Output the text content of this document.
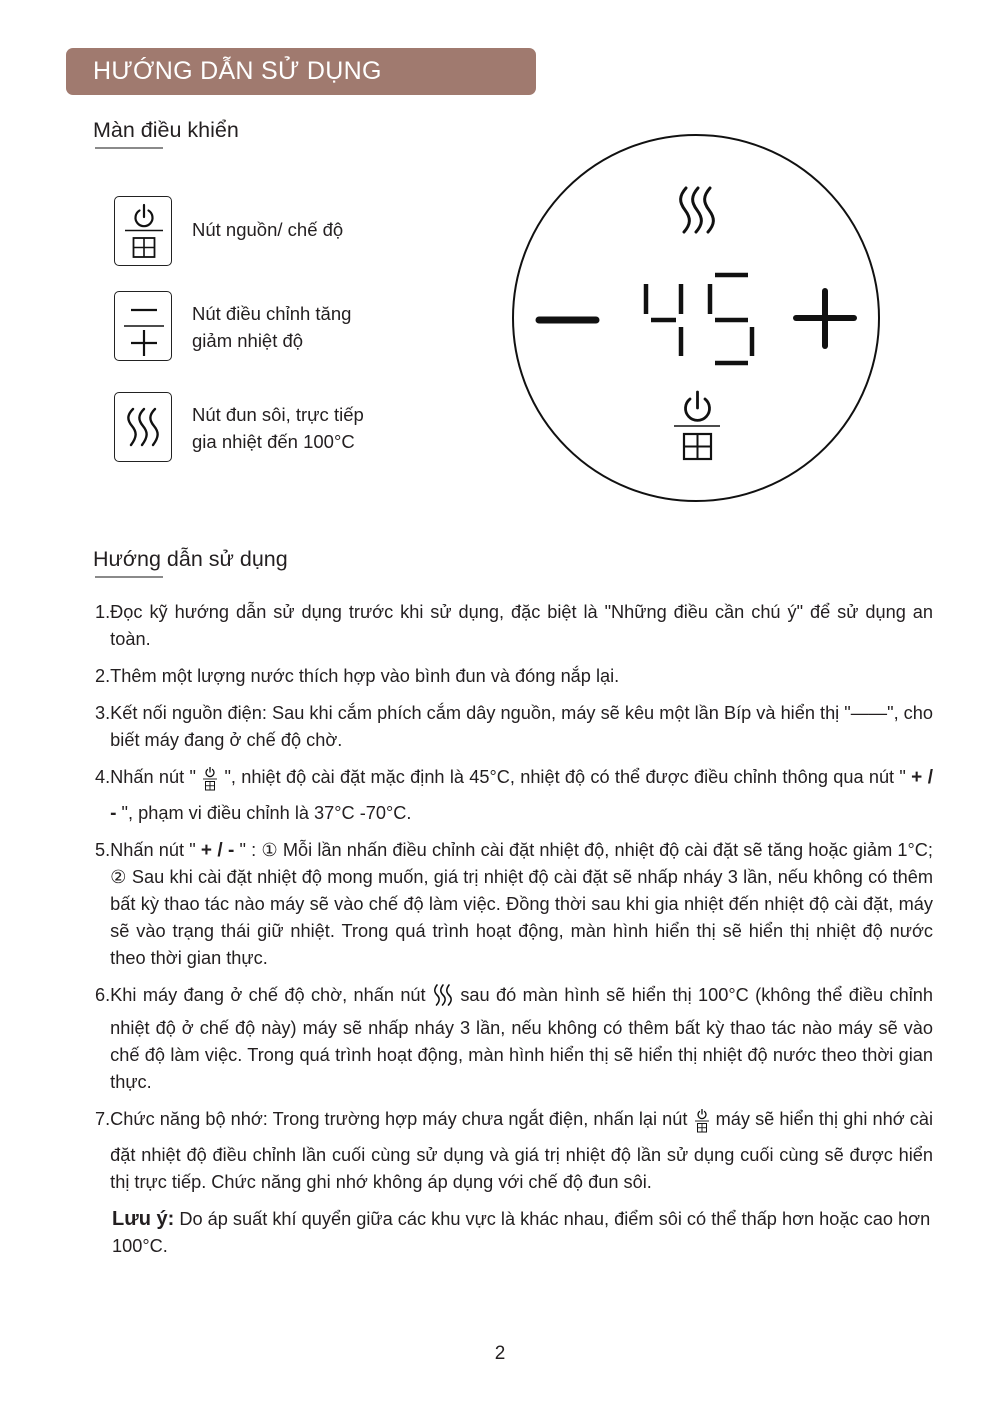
HƯỚNG DẪN SỬ DỤNG
Màn điều khiển
Nút nguồn/ chế độ
Nút điều chỉnh tăng
giảm nhiệt độ
Nút đun sôi, trực tiếp
gia nhiệt đến 100°C
Hướng dẫn sử dụng
1. Đọc kỹ hướng dẫn sử dụng trước khi sử dụng, đặc biệt là "Những điều cần chú ý" để sử dụng an toàn.
2. Thêm một lượng nước thích hợp vào bình đun và đóng nắp lại.
3. Kết nối nguồn điện: Sau khi cắm phích cắm dây nguồn, máy sẽ kêu một lần Bíp và hiển thị "——", cho biết máy đang ở chế độ chờ.
4. Nhấn nút "  ", nhiệt độ cài đặt mặc định là 45°C, nhiệt độ có thể được điều chỉnh thông qua nút " + / - ", phạm vi điều chỉnh là 37°C -70°C.
5. Nhấn nút " + / - " : ① Mỗi lần nhấn điều chỉnh cài đặt nhiệt độ, nhiệt độ cài đặt sẽ tăng hoặc giảm 1°C; ② Sau khi cài đặt nhiệt độ mong muốn, giá trị nhiệt độ cài đặt sẽ nhấp nháy 3 lần, nếu không có thêm bất kỳ thao tác nào máy sẽ vào chế độ làm việc. Đồng thời sau khi gia nhiệt đến nhiệt độ cài đặt, máy sẽ vào trạng thái giữ nhiệt. Trong quá trình hoạt động, màn hình hiển thị sẽ hiển thị nhiệt độ nước theo thời gian thực.
6. Khi máy đang ở chế độ chờ, nhấn nút  sau đó màn hình sẽ hiển thị 100°C (không thể điều chỉnh nhiệt độ ở chế độ này) máy sẽ nhấp nháy 3 lần, nếu không có thêm bất kỳ thao tác nào máy sẽ vào chế độ làm việc. Trong quá trình hoạt động, màn hình hiển thị sẽ hiển thị nhiệt độ nước theo thời gian thực.
7. Chức năng bộ nhớ: Trong trường hợp máy chưa ngắt điện, nhấn lại nút  máy sẽ hiển thị ghi nhớ cài đặt nhiệt độ điều chỉnh lần cuối cùng sử dụng và giá trị nhiệt độ lần sử dụng cuối cùng sẽ được hiển thị trực tiếp. Chức năng ghi nhớ không áp dụng với chế độ đun sôi.
Lưu ý: Do áp suất khí quyển giữa các khu vực là khác nhau, điểm sôi có thể thấp hơn hoặc cao hơn 100°C.
2
